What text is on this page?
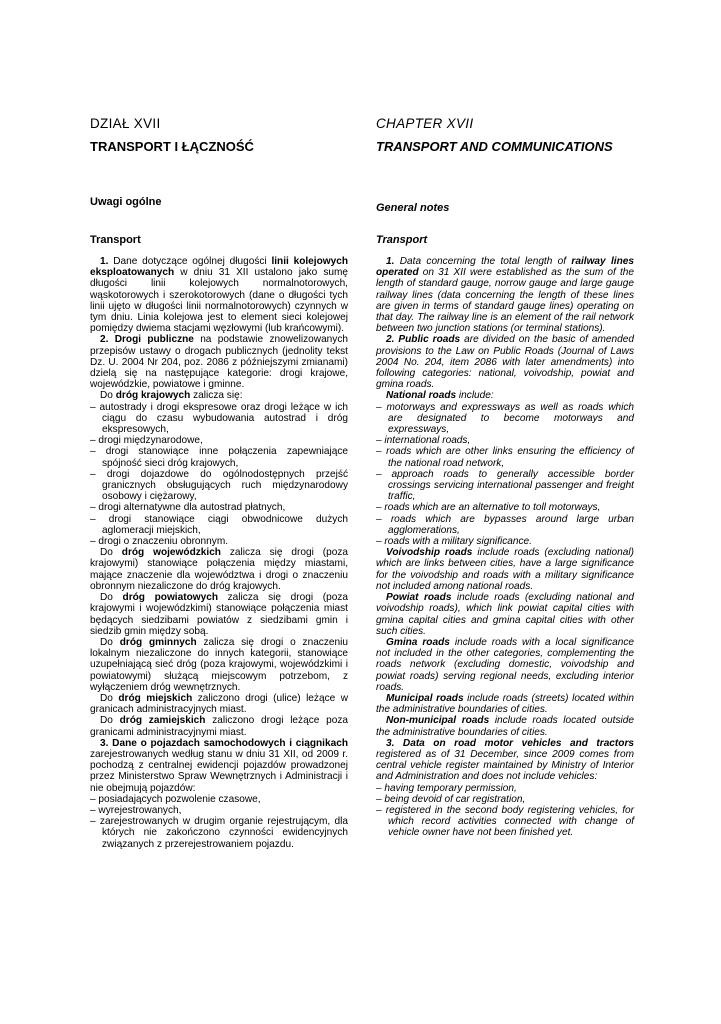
DZIAŁ XVII

TRANSPORT I ŁĄCZNOŚĆ

Uwagi ogólne

Transport

1. Dane dotyczące ogólnej długości linii kolejowych eksploatowanych w dniu 31 XII ustalono jako sumę długości linii kolejowych normalnotorowych, wąskotorowych i szerokotorowych (dane o długości tych linii ujęto w długości linii normalnotorowych) czynnych w tym dniu. Linia kolejowa jest to element sieci kolejowej pomiędzy dwiema stacjami węzłowymi (lub krańcowymi).

2. Drogi publiczne na podstawie znowelizowanych przepisów ustawy o drogach publicznych (jednolity tekst Dz. U. 2004 Nr 204, poz. 2086 z późniejszymi zmianami) dzielą się na następujące kategorie: drogi krajowe, wojewódzkie, powiatowe i gminne.

Do dróg krajowych zalicza się:

– autostrady i drogi ekspresowe oraz drogi leżące w ich ciągu do czasu wybudowania autostrad i dróg ekspresowych,

– drogi międzynarodowe,

– drogi stanowiące inne połączenia zapewniające spójność sieci dróg krajowych,

– drogi dojazdowe do ogólnodostępnych przejść granicznych obsługujących ruch międzynarodowy osobowy i ciężarowy,

– drogi alternatywne dla autostrad płatnych,

– drogi stanowiące ciągi obwodnicowe dużych aglomeracji miejskich,

– drogi o znaczeniu obronnym.

Do dróg wojewódzkich zalicza się drogi (poza krajowymi) stanowiące połączenia między miastami, mające znaczenie dla województwa i drogi o znaczeniu obronnym niezaliczone do dróg krajowych.

Do dróg powiatowych zalicza się drogi (poza krajowymi i wojewódzkimi) stanowiące połączenia miast będących siedzibami powiatów z siedzibami gmin i siedzib gmin między sobą.

Do dróg gminnych zalicza się drogi o znaczeniu lokalnym niezaliczone do innych kategorii, stanowiące uzupełniającą sieć dróg (poza krajowymi, wojewódzkimi i powiatowymi) służącą miejscowym potrzebom, z wyłączeniem dróg wewnętrznych.

Do dróg miejskich zaliczono drogi (ulice) leżące w granicach administracyjnych miast.

Do dróg zamiejskich zaliczono drogi leżące poza granicami administracyjnymi miast.

3. Dane o pojazdach samochodowych i ciągnikach zarejestrowanych według stanu w dniu 31 XII, od 2009 r. pochodzą z centralnej ewidencji pojazdów prowadzonej przez Ministerstwo Spraw Wewnętrznych i Administracji i nie obejmują pojazdów:

– posiadających pozwolenie czasowe,

– wyrejestrowanych,

– zarejestrowanych w drugim organie rejestrującym, dla których nie zakończono czynności ewidencyjnych związanych z przerejestrowaniem pojazdu.

CHAPTER XVII

TRANSPORT AND COMMUNICATIONS

General notes

Transport

1. Data concerning the total length of railway lines operated on 31 XII were established as the sum of the length of standard gauge, norrow gauge and large gauge railway lines (data concerning the length of these lines are given in terms of standard gauge lines) operating on that day. The railway line is an element of the rail network between two junction stations (or terminal stations).

2. Public roads are divided on the basic of amended provisions to the Law on Public Roads (Journal of Laws 2004 No. 204, item 2086 with later amendments) into following categories: national, voivodship, powiat and gmina roads.

National roads include:

– motorways and expressways as well as roads which are designated to become motorways and expressways,

– international roads,

– roads which are other links ensuring the efficiency of the national road network,

– approach roads to generally accessible border crossings servicing international passenger and freight traffic,

– roads which are an alternative to toll motorways,

– roads which are bypasses around large urban agglomerations,

– roads with a military significance.

Voivodship roads include roads (excluding national) which are links between cities, have a large significance for the voivodship and roads with a military significance not included among national roads.

Powiat roads include roads (excluding national and voivodship roads), which link powiat capital cities with gmina capital cities and gmina capital cities with other such cities.

Gmina roads include roads with a local significance not included in the other categories, complementing the roads network (excluding domestic, voivodship and powiat roads) serving regional needs, excluding interior roads.

Municipal roads include roads (streets) located within the administrative boundaries of cities.

Non-municipal roads include roads located outside the administrative boundaries of cities.

3. Data on road motor vehicles and tractors registered as of 31 December, since 2009 comes from central vehicle register maintained by Ministry of Interior and Administration and does not include vehicles:

– having temporary permission,

– being devoid of car registration,

– registered in the second body registering vehicles, for which record activities connected with change of vehicle owner have not been finished yet.
